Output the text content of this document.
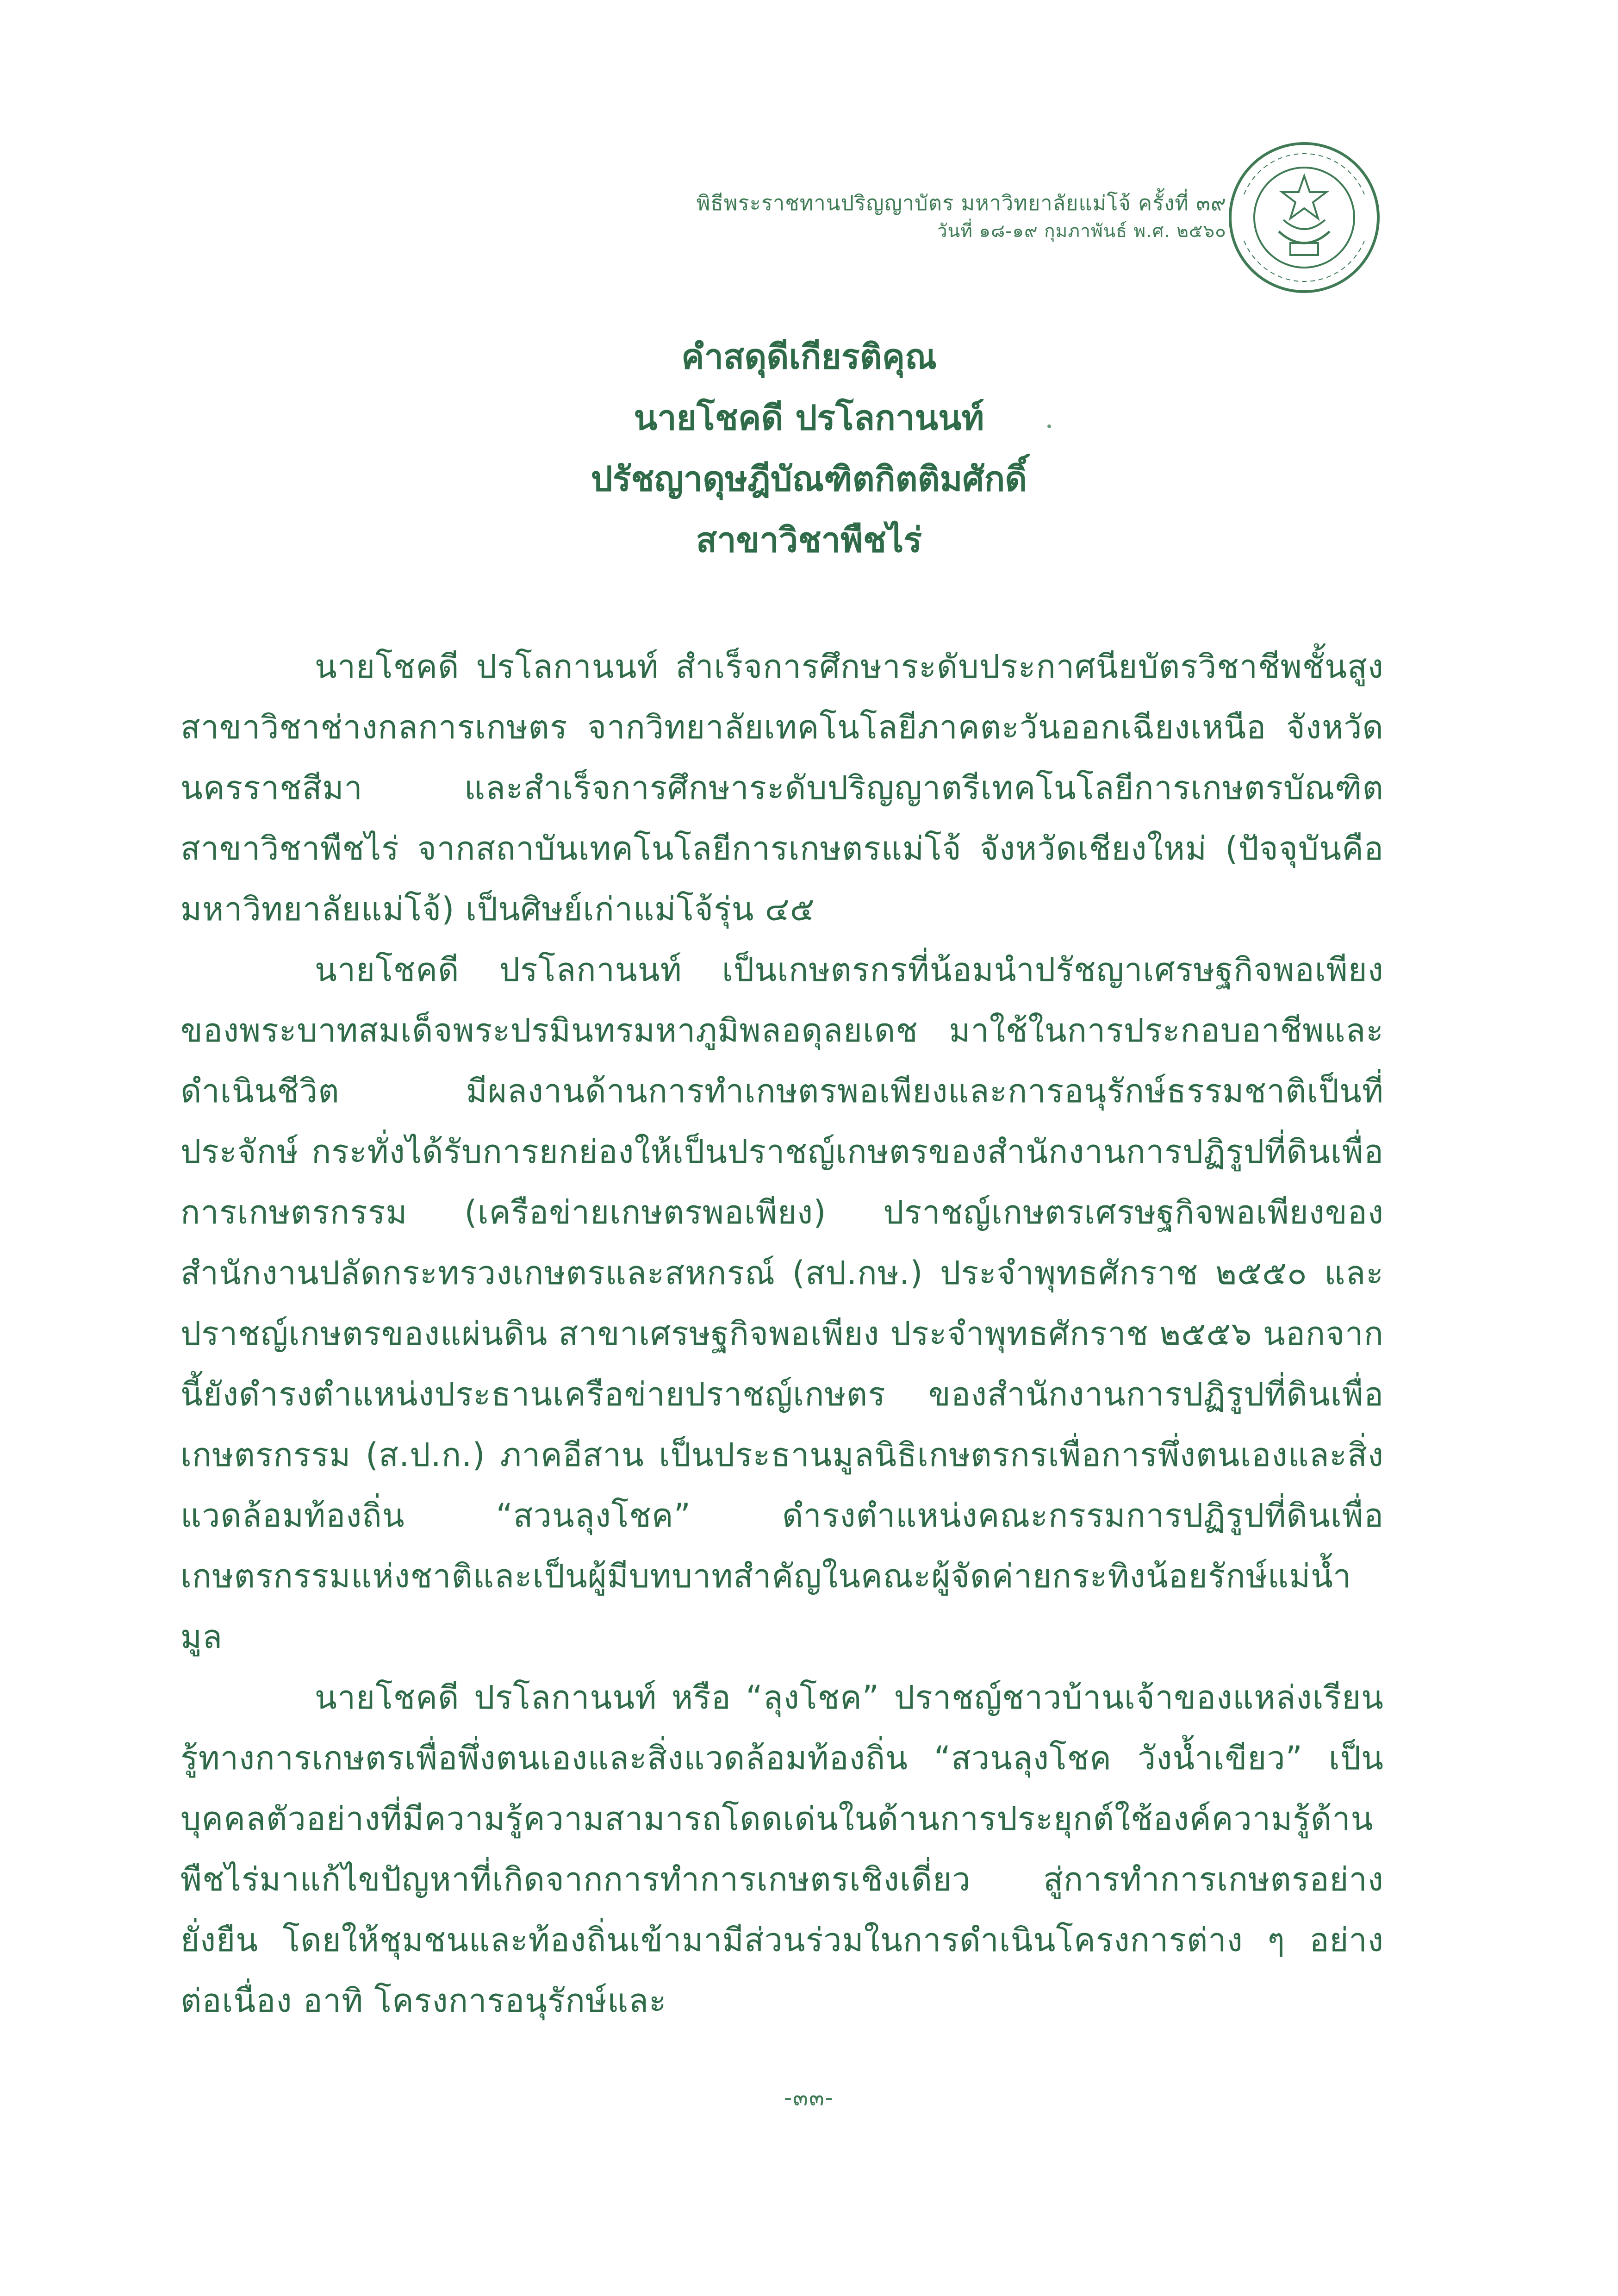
พิธีพระราชทานปริญญาบัตร มหาวิทยาลัยแม่โจ้ ครั้งที่ ๓๙
วันที่ ๑๘-๑๙ กุมภาพันธ์ พ.ศ. ๒๕๖๐
คำสดุดีเกียรติคุณ
นายโชคดี ปรโลกานนท์
ปรัชญาดุษฎีบัณฑิตกิตติมศักดิ์
สาขาวิชาพืชไร่

นายโชคดี ปรโลกานนท์ สำเร็จการศึกษาระดับประกาศนียบัตรวิชาชีพชั้นสูง สาขาวิชาช่างกลการเกษตร จากวิทยาลัยเทคโนโลยีภาคตะวันออกเฉียงเหนือ จังหวัดนครราชสีมา และสำเร็จการศึกษาระดับปริญญาตรีเทคโนโลยีการเกษตรบัณฑิต สาขาวิชาพืชไร่ จากสถาบันเทคโนโลยีการเกษตรแม่โจ้ จังหวัดเชียงใหม่ (ปัจจุบันคือ มหาวิทยาลัยแม่โจ้) เป็นศิษย์เก่าแม่โจ้รุ่น ๔๕

นายโชคดี ปรโลกานนท์ เป็นเกษตรกรที่น้อมนำปรัชญาเศรษฐกิจพอเพียงของพระบาทสมเด็จพระปรมินทรมหาภูมิพลอดุลยเดช มาใช้ในการประกอบอาชีพและดำเนินชีวิต มีผลงานด้านการทำเกษตรพอเพียงและการอนุรักษ์ธรรมชาติเป็นที่ประจักษ์ กระทั่งได้รับการยกย่องให้เป็นปราชญ์เกษตรของสำนักงานการปฏิรูปที่ดินเพื่อการเกษตรกรรม (เครือข่ายเกษตรพอเพียง) ปราชญ์เกษตรเศรษฐกิจพอเพียงของสำนักงานปลัดกระทรวงเกษตรและสหกรณ์ (สป.กษ.) ประจำพุทธศักราช ๒๕๕๐ และปราชญ์เกษตรของแผ่นดิน สาขาเศรษฐกิจพอเพียง ประจำพุทธศักราช ๒๕๕๖ นอกจากนี้ยังดำรงตำแหน่งประธานเครือข่ายปราชญ์เกษตร ของสำนักงานการปฏิรูปที่ดินเพื่อเกษตรกรรม (ส.ป.ก.) ภาคอีสาน เป็นประธานมูลนิธิเกษตรกรเพื่อการพึ่งตนเองและสิ่งแวดล้อมท้องถิ่น “สวนลุงโชค” ดำรงตำแหน่งคณะกรรมการปฏิรูปที่ดินเพื่อเกษตรกรรมแห่งชาติและเป็นผู้มีบทบาทสำคัญในคณะผู้จัดค่ายกระทิงน้อยรักษ์แม่น้ำมูล

นายโชคดี ปรโลกานนท์ หรือ “ลุงโชค” ปราชญ์ชาวบ้านเจ้าของแหล่งเรียนรู้ทางการเกษตรเพื่อพึ่งตนเองและสิ่งแวดล้อมท้องถิ่น “สวนลุงโชค วังน้ำเขียว” เป็นบุคคลตัวอย่างที่มีความรู้ความสามารถโดดเด่นในด้านการประยุกต์ใช้องค์ความรู้ด้านพืชไร่มาแก้ไขปัญหาที่เกิดจากการทำการเกษตรเชิงเดี่ยว สู่การทำการเกษตรอย่างยั่งยืน โดยให้ชุมชนและท้องถิ่นเข้ามามีส่วนร่วมในการดำเนินโครงการต่าง ๆ อย่างต่อเนื่อง อาทิ โครงการอนุรักษ์และ

-๓๓-
